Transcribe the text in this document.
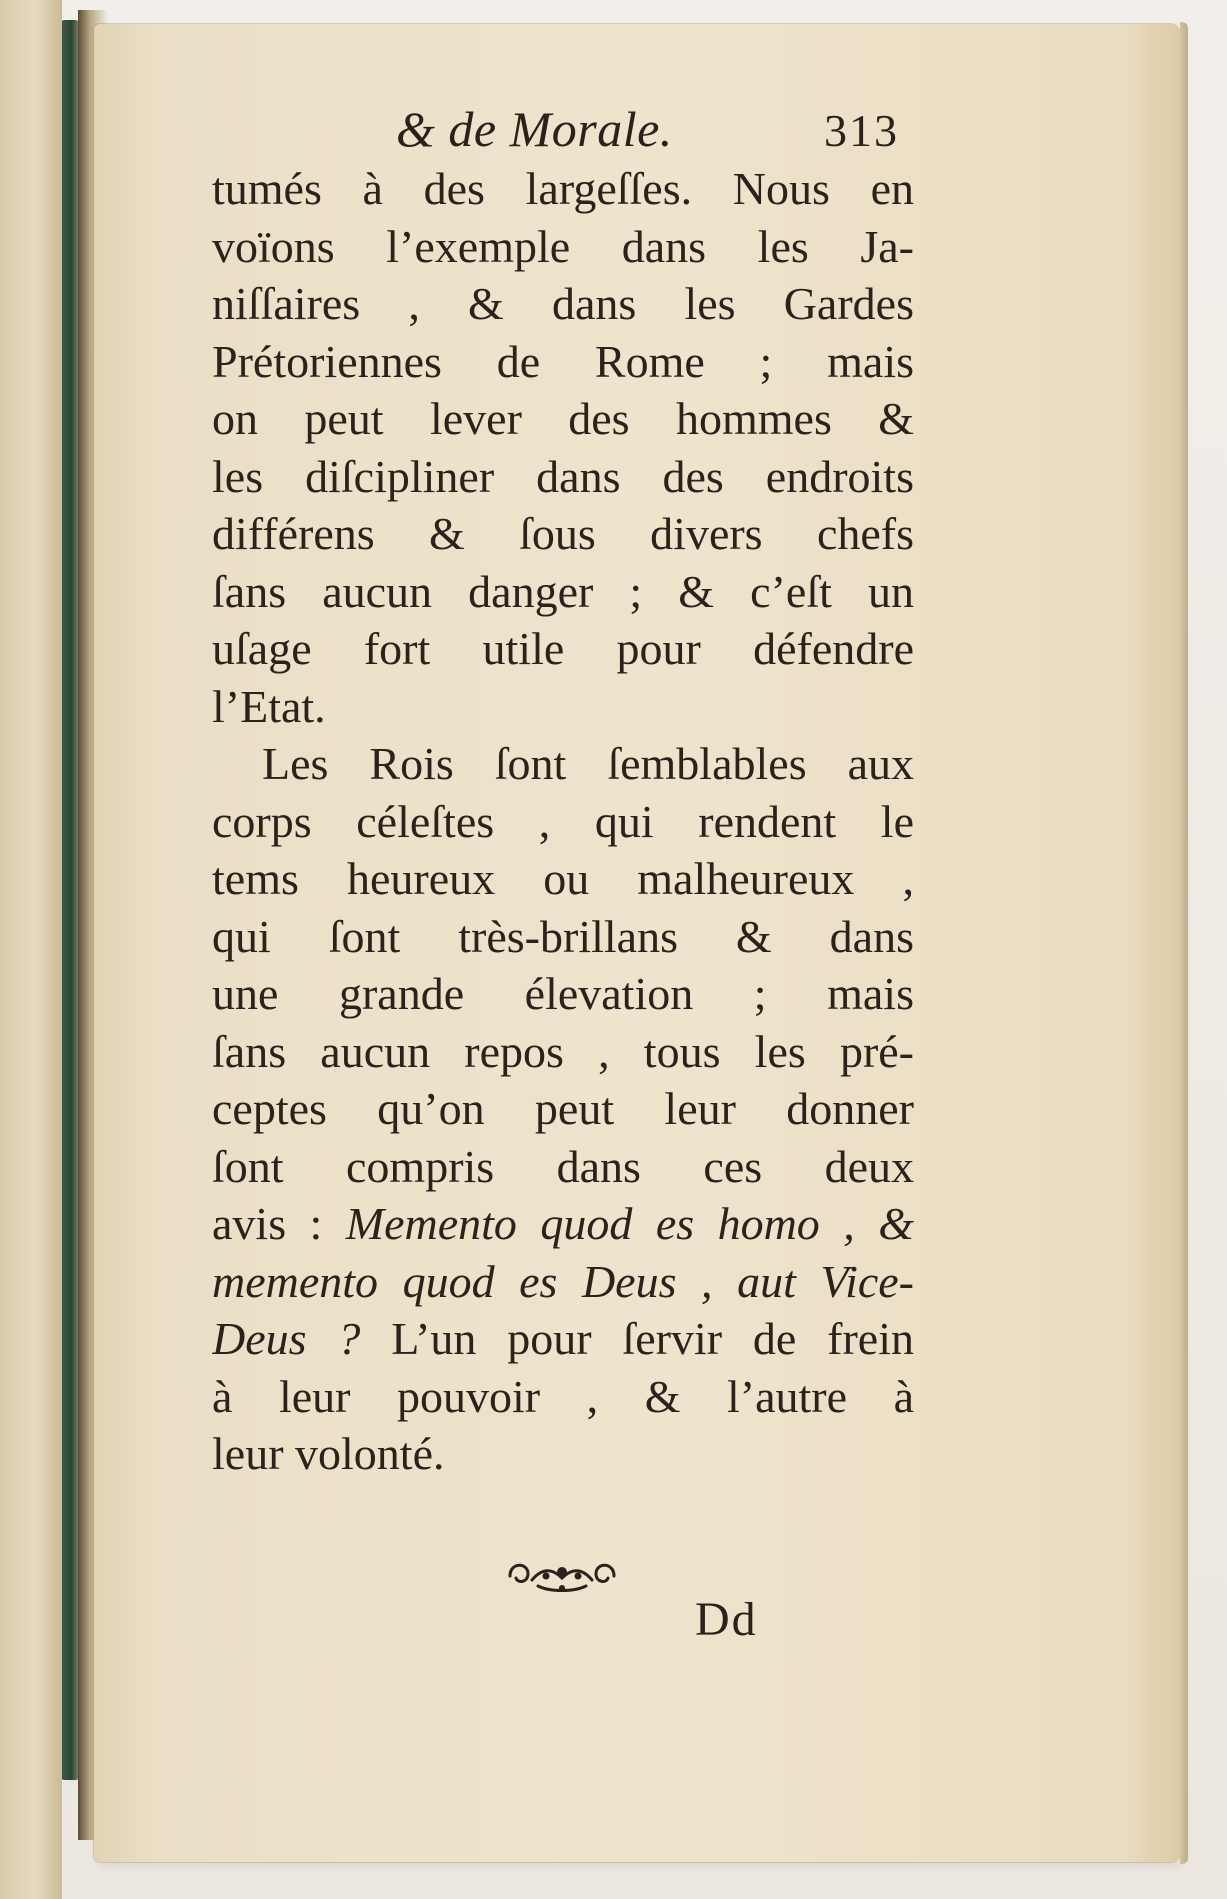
& de Morale.	313
tumés à des largeſſes. Nous en
voïons l’exemple dans les Ja-
niſſaires , & dans les Gardes
Prétoriennes de Rome ; mais
on peut lever des hommes &
les diſcipliner dans des endroits
différens & ſous divers chefs
ſans aucun danger ; & c’eſt un
uſage fort utile pour défendre
l’Etat.
Les Rois ſont ſemblables aux
corps céleſtes , qui rendent le
tems heureux ou malheureux ,
qui ſont très-brillans & dans
une grande élevation ; mais
ſans aucun repos , tous les pré-
ceptes qu’on peut leur donner
ſont compris dans ces deux
avis : Memento quod es homo , &
memento quod es Deus , aut Vice-
Deus ? L’un pour ſervir de frein
à leur pouvoir , & l’autre à
leur volonté.
Dd
